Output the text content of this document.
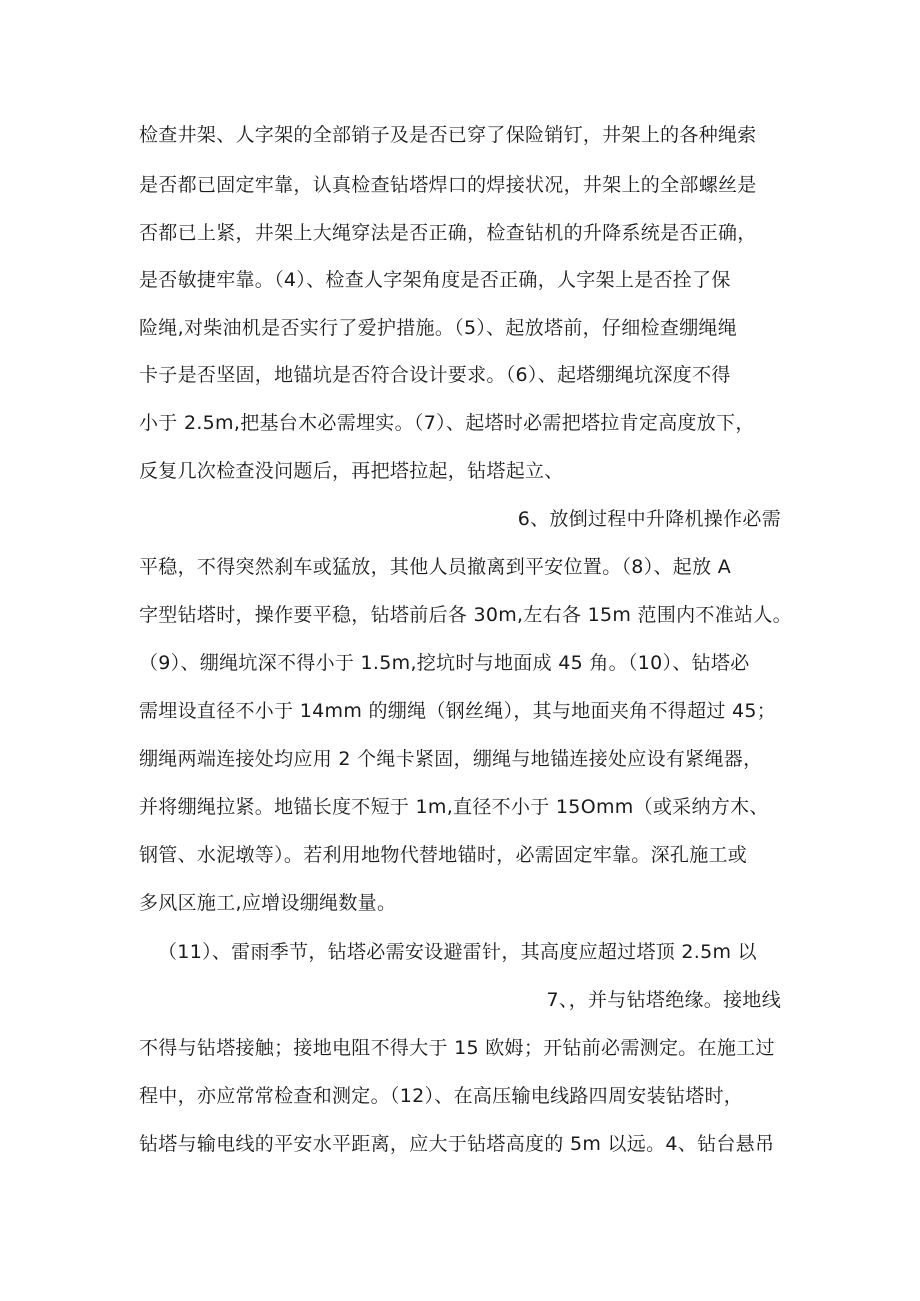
检查井架、人字架的全部销子及是否已穿了保险销钉，井架上的各种绳索
是否都已固定牢靠，认真检查钻塔焊口的焊接状况，井架上的全部螺丝是
否都已上紧，井架上大绳穿法是否正确，检查钻机的升降系统是否正确，
是否敏捷牢靠。（4）、检查人字架角度是否正确，人字架上是否拴了保
险绳,对柴油机是否实行了爱护措施。（5）、起放塔前，仔细检查绷绳绳
卡子是否坚固，地锚坑是否符合设计要求。（6）、起塔绷绳坑深度不得
小于 2.5m,把基台木必需埋实。（7）、起塔时必需把塔拉肯定高度放下，
反复几次检查没问题后，再把塔拉起，钻塔起立、
6、放倒过程中升降机操作必需
平稳，不得突然刹车或猛放，其他人员撤离到平安位置。（8）、起放 A
字型钻塔时，操作要平稳，钻塔前后各 30m,左右各 15m 范围内不准站人。
（9）、绷绳坑深不得小于 1.5m,挖坑时与地面成 45 角。（10）、钻塔必
需埋设直径不小于 14mm 的绷绳（钢丝绳），其与地面夹角不得超过 45；
绷绳两端连接处均应用 2 个绳卡紧固，绷绳与地锚连接处应设有紧绳器，
并将绷绳拉紧。地锚长度不短于 1m,直径不小于 15Omm（或采纳方木、
钢管、水泥墩等）。若利用地物代替地锚时，必需固定牢靠。深孔施工或
多风区施工,应增设绷绳数量。
（11）、雷雨季节，钻塔必需安设避雷针，其高度应超过塔顶 2.5m 以
7、，并与钻塔绝缘。接地线
不得与钻塔接触；接地电阻不得大于 15 欧姆；开钻前必需测定。在施工过
程中，亦应常常检查和测定。（12）、在高压输电线路四周安装钻塔时，
钻塔与输电线的平安水平距离，应大于钻塔高度的 5m 以远。4、钻台悬吊
